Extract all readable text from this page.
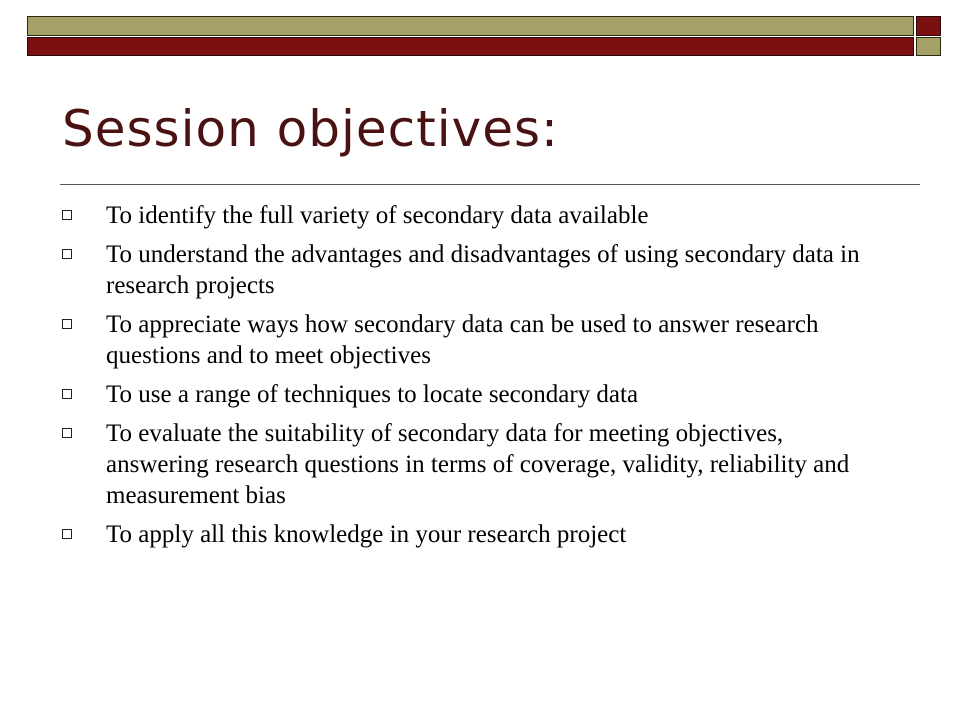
Session objectives:
To identify the full variety of secondary data available
To understand the advantages and disadvantages of using secondary data in research projects
To appreciate ways how secondary data can be used to answer research questions and to meet objectives
To use a range of techniques to locate secondary data
To evaluate the suitability of secondary data for meeting objectives, answering research questions in terms of coverage, validity, reliability and measurement bias
To apply all this knowledge in your research project
